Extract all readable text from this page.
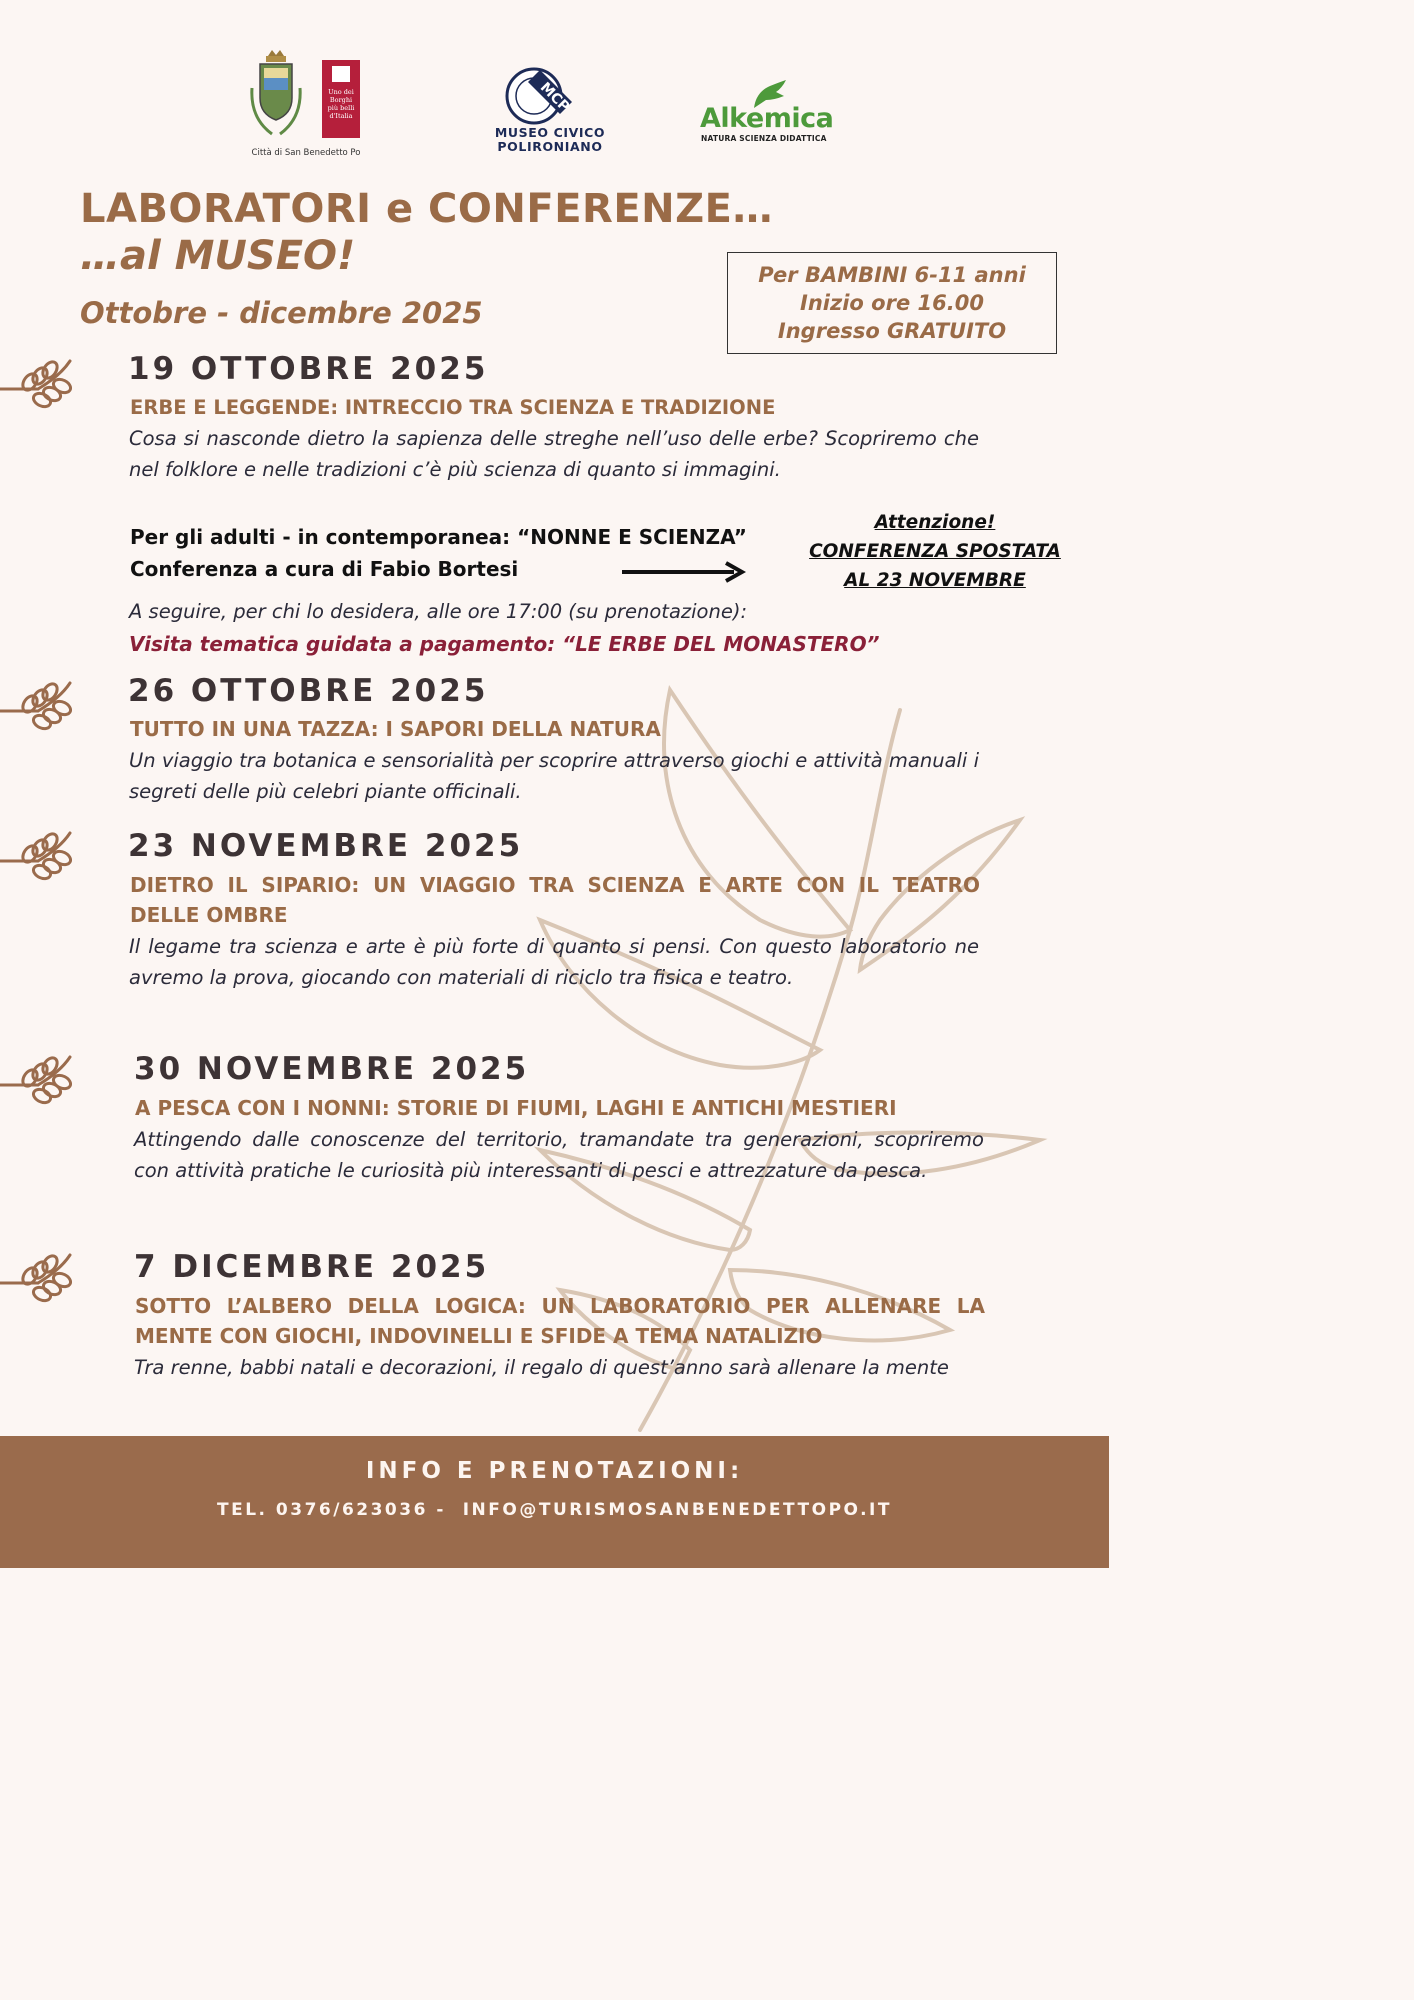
Uno dei
Borghi
più belli
d'Italia
Città di San Benedetto Po
MCP
MUSEO CIVICO
POLIRONIANO
Alkemica
NATURA SCIENZA DIDATTICA
LABORATORI e CONFERENZE…
…al MUSEO!
Ottobre - dicembre 2025
Per BAMBINI 6-11 anni
Inizio ore 16.00
Ingresso GRATUITO
19 OTTOBRE 2025
ERBE E LEGGENDE: INTRECCIO TRA SCIENZA E TRADIZIONE
Cosa si nasconde dietro la sapienza delle streghe nell’uso delle erbe? Scopriremo che nel folklore e nelle tradizioni c’è più scienza di quanto si immagini.
Per gli adulti - in contemporanea: “NONNE E SCIENZA”
Conferenza a cura di Fabio Bortesi
Attenzione!
CONFERENZA SPOSTATA
AL 23 NOVEMBRE
A seguire, per chi lo desidera, alle ore 17:00 (su prenotazione):
Visita tematica guidata a pagamento: “LE ERBE DEL MONASTERO”
26 OTTOBRE 2025
TUTTO IN UNA TAZZA: I SAPORI DELLA NATURA
Un viaggio tra botanica e sensorialità per scoprire attraverso giochi e attività manuali i segreti delle più celebri piante officinali.
23 NOVEMBRE 2025
DIETRO IL SIPARIO: UN VIAGGIO TRA SCIENZA E ARTE CON IL TEATRO DELLE OMBRE
Il legame tra scienza e arte è più forte di quanto si pensi. Con questo laboratorio ne avremo la prova, giocando con materiali di riciclo tra fisica e teatro.
30 NOVEMBRE 2025
A PESCA CON I NONNI: STORIE DI FIUMI, LAGHI E ANTICHI MESTIERI
Attingendo dalle conoscenze del territorio, tramandate tra generazioni, scopriremo con attività pratiche le curiosità più interessanti di pesci e attrezzature da pesca.
7 DICEMBRE 2025
SOTTO L’ALBERO DELLA LOGICA: UN LABORATORIO PER ALLENARE LA MENTE CON GIOCHI, INDOVINELLI E SFIDE A TEMA NATALIZIO
Tra renne, babbi natali e decorazioni, il regalo di quest’anno sarà allenare la mente
INFO E PRENOTAZIONI:
TEL. 0376/623036 -  INFO@TURISMOSANBENEDETTOPO.IT
